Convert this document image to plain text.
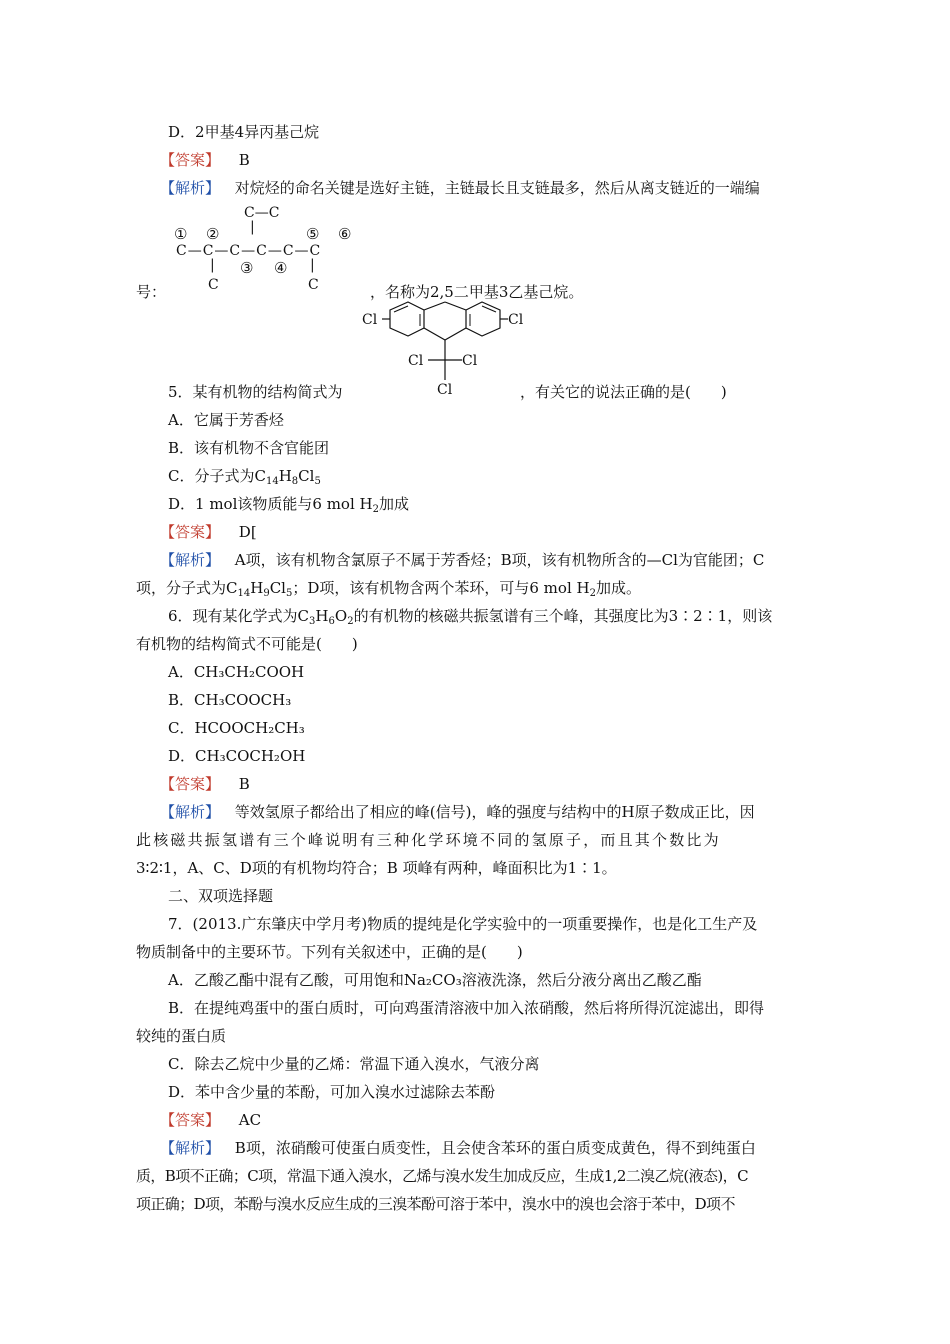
D．2甲基4异丙基己烷
【答案】 B
【解析】 对烷烃的命名关键是选好主链，主链最长且支链最多，然后从离支链近的一端编
C—C
|
① ②	⑤ ⑥
C—C—C—C—C—C
|	|
③ ④
C	C
号：	，名称为2,5二甲基3乙基己烷。
Cl	Cl
Cl	Cl
Cl
5．某有机物的结构简式为	，有关它的说法正确的是(　　)
A．它属于芳香烃
B．该有机物不含官能团
C．分子式为$C_{14}H_8Cl_5$
D．1 mol该物质能与6 mol $H_2$加成
【答案】 D[
【解析】 A项，该有机物含氯原子不属于芳香烃；B项，该有机物所含的—Cl为官能团；C
项，分子式为$C_{14}H_9Cl_5$；D项，该有机物含两个苯环，可与6 mol $H_2$加成。
6．现有某化学式为$C_3H_6O_2$的有机物的核磁共振氢谱有三个峰，其强度比为3∶2∶1，则该
有机物的结构简式不可能是(　　)
A．CH₃CH₂COOH
B．CH₃COOCH₃
C．HCOOCH₂CH₃
D．CH₃COCH₂OH
【答案】 B
【解析】 等效氢原子都给出了相应的峰(信号)，峰的强度与结构中的H原子数成正比，因
此核磁共振氢谱有三个峰说明有三种化学环境不同的氢原子，而且其个数比为
3∶2∶1，A、C、D项的有机物均符合；B 项峰有两种，峰面积比为1∶1。
二、双项选择题
7．(2013.广东肇庆中学月考)物质的提纯是化学实验中的一项重要操作，也是化工生产及
物质制备中的主要环节。下列有关叙述中，正确的是(　　)
A．乙酸乙酯中混有乙酸，可用饱和Na₂CO₃溶液洗涤，然后分液分离出乙酸乙酯
B．在提纯鸡蛋中的蛋白质时，可向鸡蛋清溶液中加入浓硝酸，然后将所得沉淀滤出，即得
较纯的蛋白质
C．除去乙烷中少量的乙烯：常温下通入溴水，气液分离
D．苯中含少量的苯酚，可加入溴水过滤除去苯酚
【答案】 AC
【解析】 B项，浓硝酸可使蛋白质变性，且会使含苯环的蛋白质变成黄色，得不到纯蛋白
质，B项不正确；C项，常温下通入溴水，乙烯与溴水发生加成反应，生成1,2二溴乙烷(液态)，C
项正确；D项，苯酚与溴水反应生成的三溴苯酚可溶于苯中，溴水中的溴也会溶于苯中，D项不
